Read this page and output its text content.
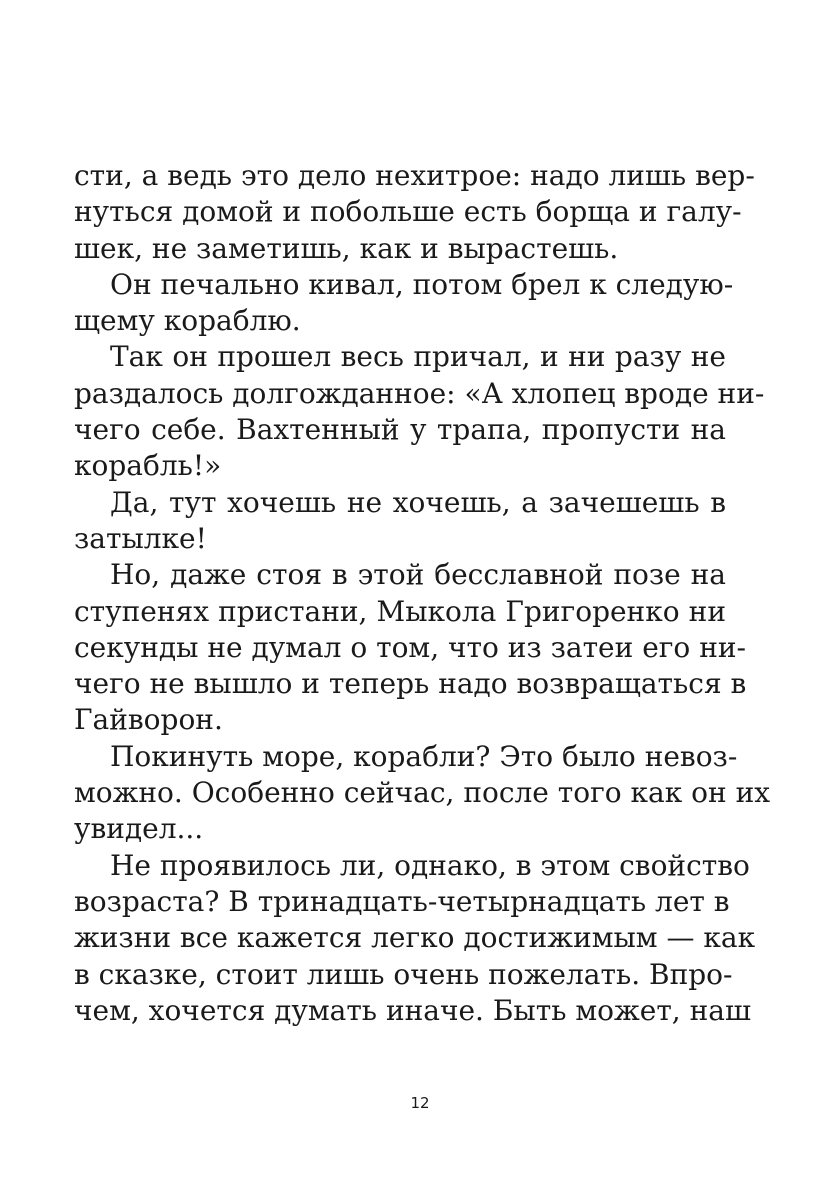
сти, а ведь это дело нехитрое: надо лишь вер-
нуться домой и побольше есть борща и галу-
шек, не заметишь, как и вырастешь.
Он печально кивал, потом брел к следую-
щему кораблю.
Так он прошел весь причал, и ни разу не
раздалось долгожданное: «А хлопец вроде ни-
чего себе. Вахтенный у трапа, пропусти на
корабль!»
Да, тут хочешь не хочешь, а зачешешь в
затылке!
Но, даже стоя в этой бесславной позе на
ступенях пристани, Мыкола Григоренко ни
секунды не думал о том, что из затеи его ни-
чего не вышло и теперь надо возвращаться в
Гайворон.
Покинуть море, корабли? Это было невоз-
можно. Особенно сейчас, после того как он их
увидел...
Не проявилось ли, однако, в этом свойство
возраста? В тринадцать-четырнадцать лет в
жизни все кажется легко достижимым — как
в сказке, стоит лишь очень пожелать. Впро-
чем, хочется думать иначе. Быть может, наш
12
